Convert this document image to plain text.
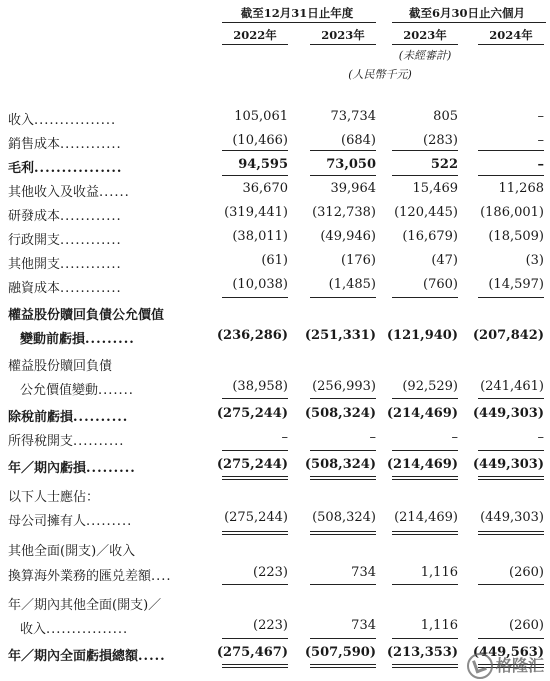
截至12月31日止年度	截至6月30日止六個月
2022年	2023年	2023年	2024年
(未經審計)
(人民幣千元)
收入................	105,061	73,734	805	–
銷售成本............	(10,466)	(684)	(283)	–
毛利................	94,595	73,050	522	–
其他收入及收益......	36,670	39,964	15,469	11,268
研發成本............	(319,441)	(312,738)	(120,445)	(186,001)
行政開支............	(38,011)	(49,946)	(16,679)	(18,509)
其他開支............	(61)	(176)	(47)	(3)
融資成本............	(10,038)	(1,485)	(760)	(14,597)
權益股份贖回負債公允價值
變動前虧損.........	(236,286)	(251,331) (121,940)	(207,842)
權益股份贖回負債
公允價值變動.......	(38,958)	(256,993)	(92,529)	(241,461)
除稅前虧損..........	(275,244)	(508,324) (214,469)	(449,303)
所得稅開支..........	–	–	–	–
年／期內虧損.........	(275,244)	(508,324) (214,469)	(449,303)
以下人士應佔：
母公司擁有人.........	(275,244)	(508,324)	(214,469)	(449,303)
其他全面(開支)／收入
換算海外業務的匯兑差額....	(223)	734	1,116	(260)
年／期內其他全面(開支)／
收入................	(223)	734	1,116	(260)
年／期內全面虧損總額.....	(275,467)	(507,590) (213,353)	(449,563)
格隆汇
